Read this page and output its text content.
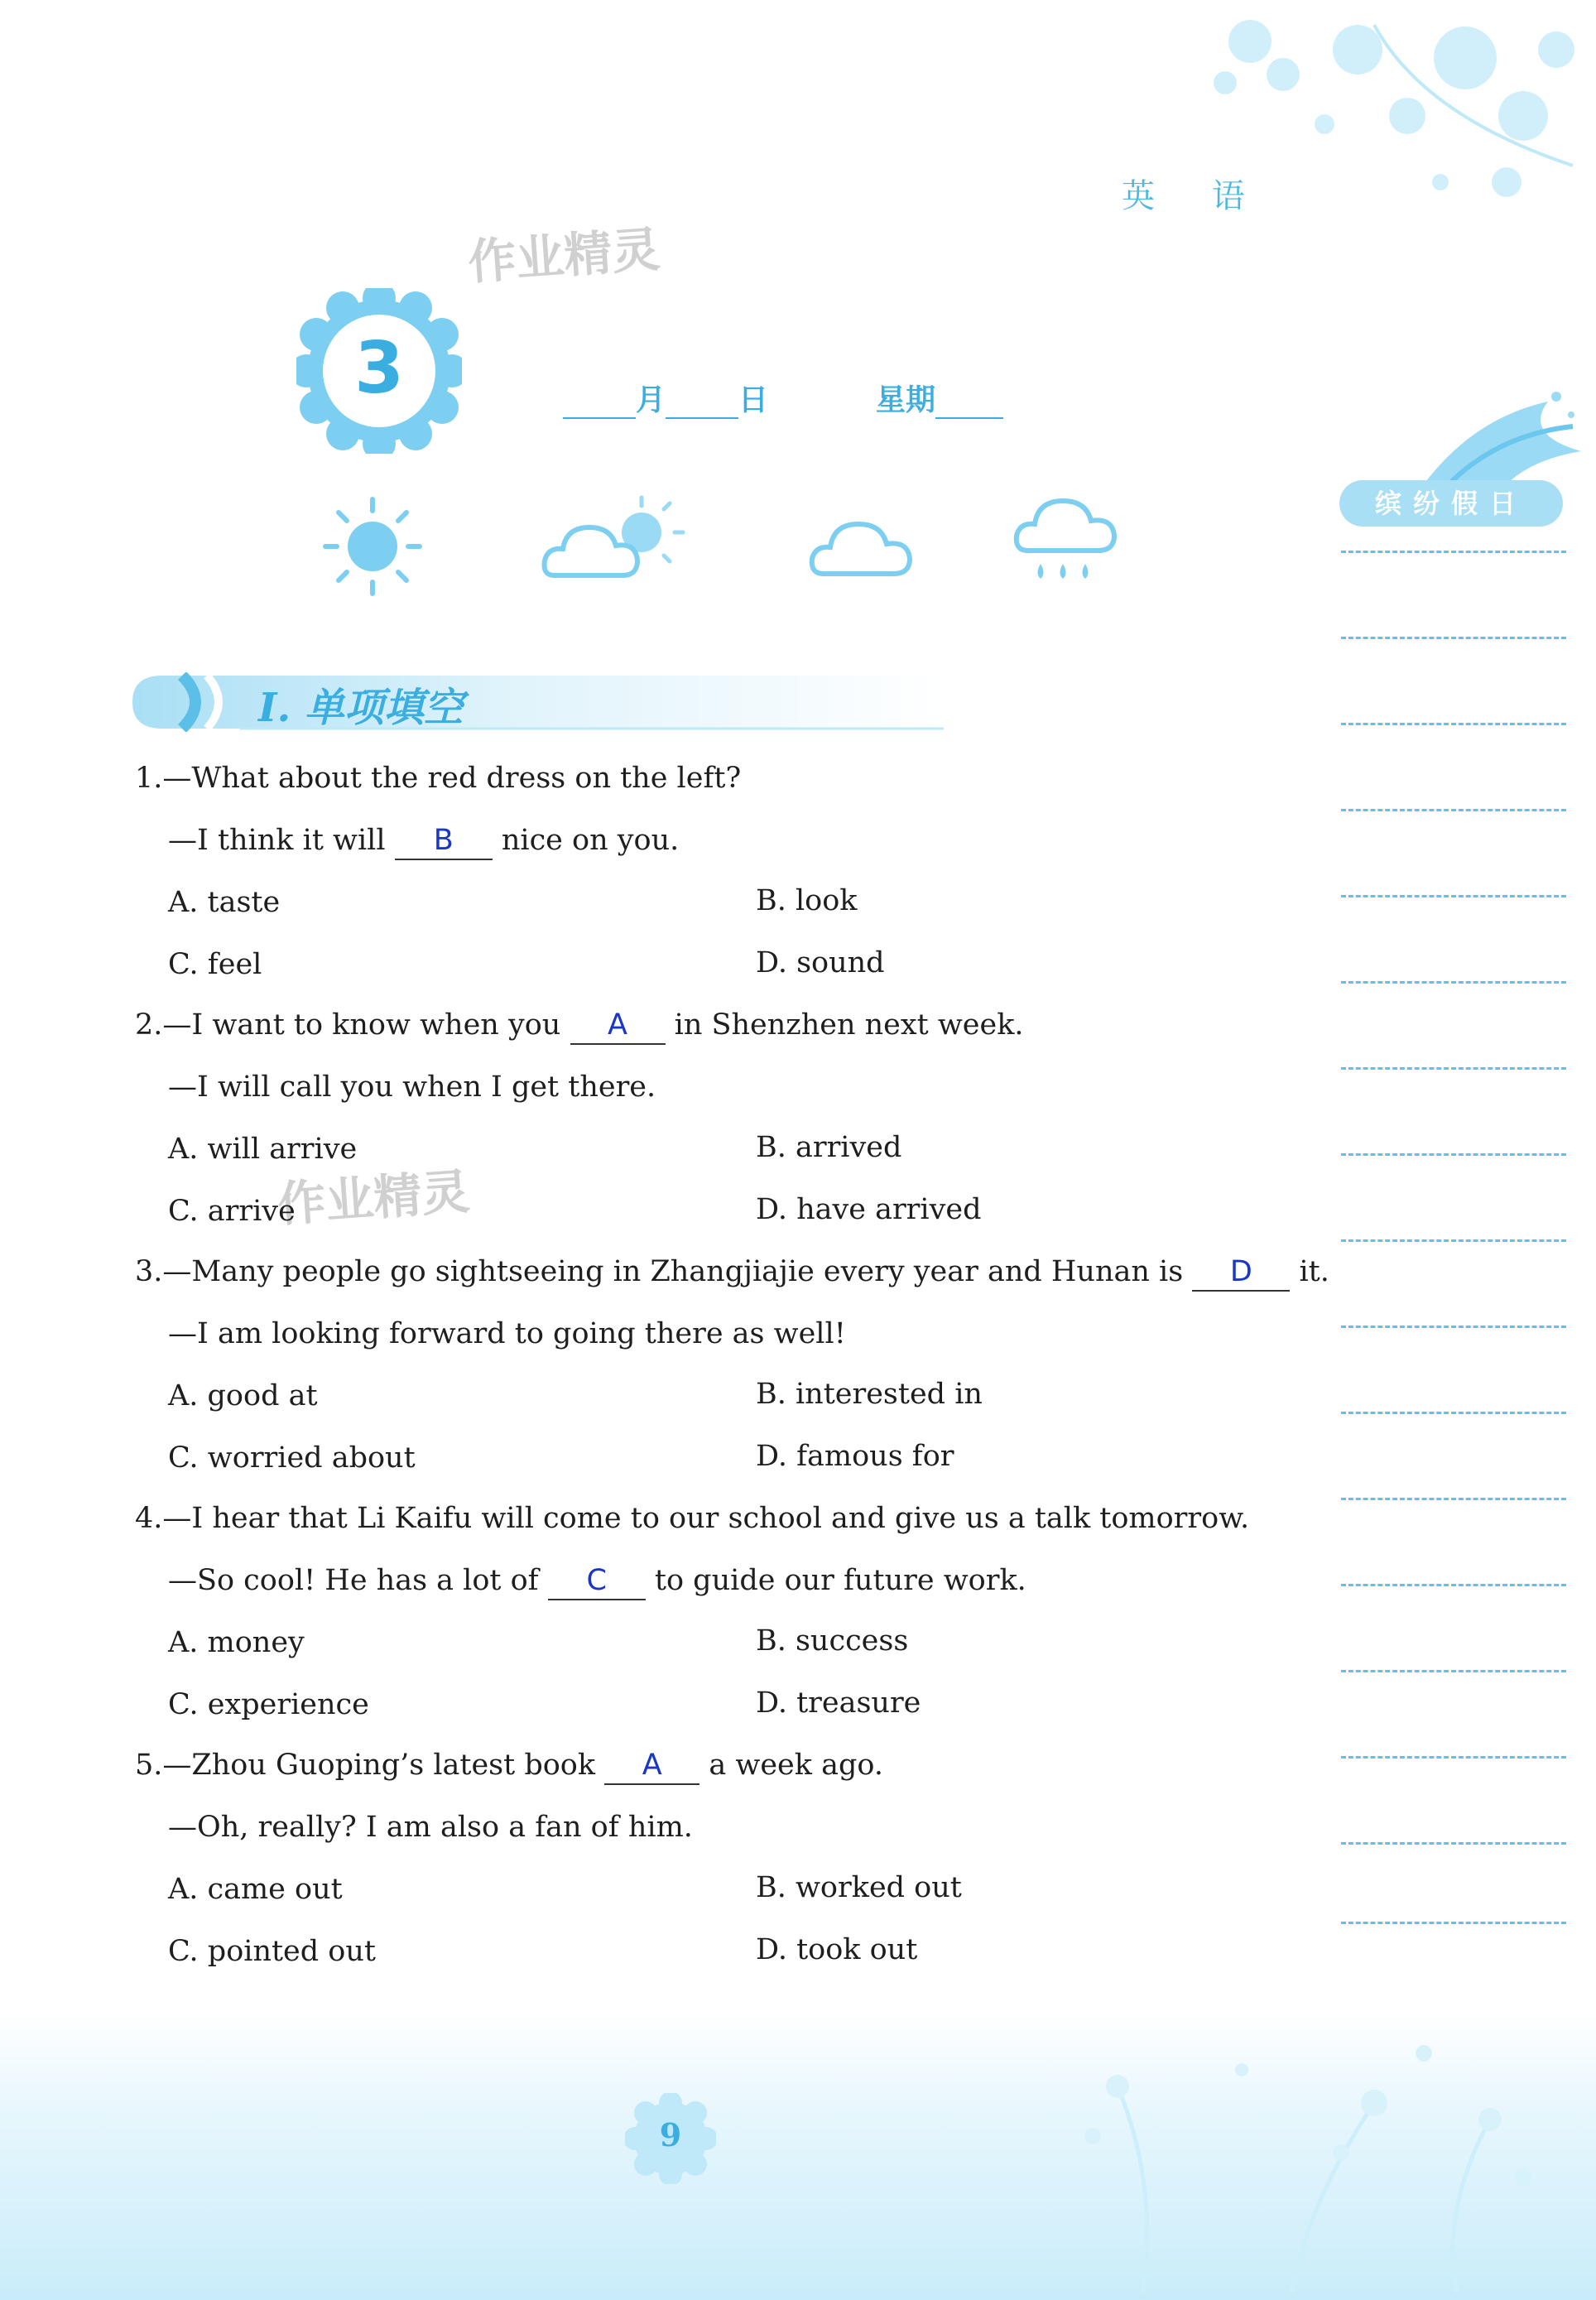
英 语
作业精灵
作业精灵
3	月 日	星期
缤纷假日
Ⅰ. 单项填空
1.—What about the red dress on the left?
—I think it will B nice on you.
A. taste	B. look
C. feel	D. sound
2.—I want to know when you A in Shenzhen next week.
—I will call you when I get there.
A. will arrive	B. arrived
C. arrive	D. have arrived
3.—Many people go sightseeing in Zhangjiajie every year and Hunan is D it.
—I am looking forward to going there as well!
A. good at	B. interested in
C. worried about	D. famous for
4.—I hear that Li Kaifu will come to our school and give us a talk tomorrow.
—So cool! He has a lot of C to guide our future work.
A. money	B. success
C. experience	D. treasure
5.—Zhou Guoping’s latest book A a week ago.
—Oh, really? I am also a fan of him.
A. came out	B. worked out
C. pointed out	D. took out
9
